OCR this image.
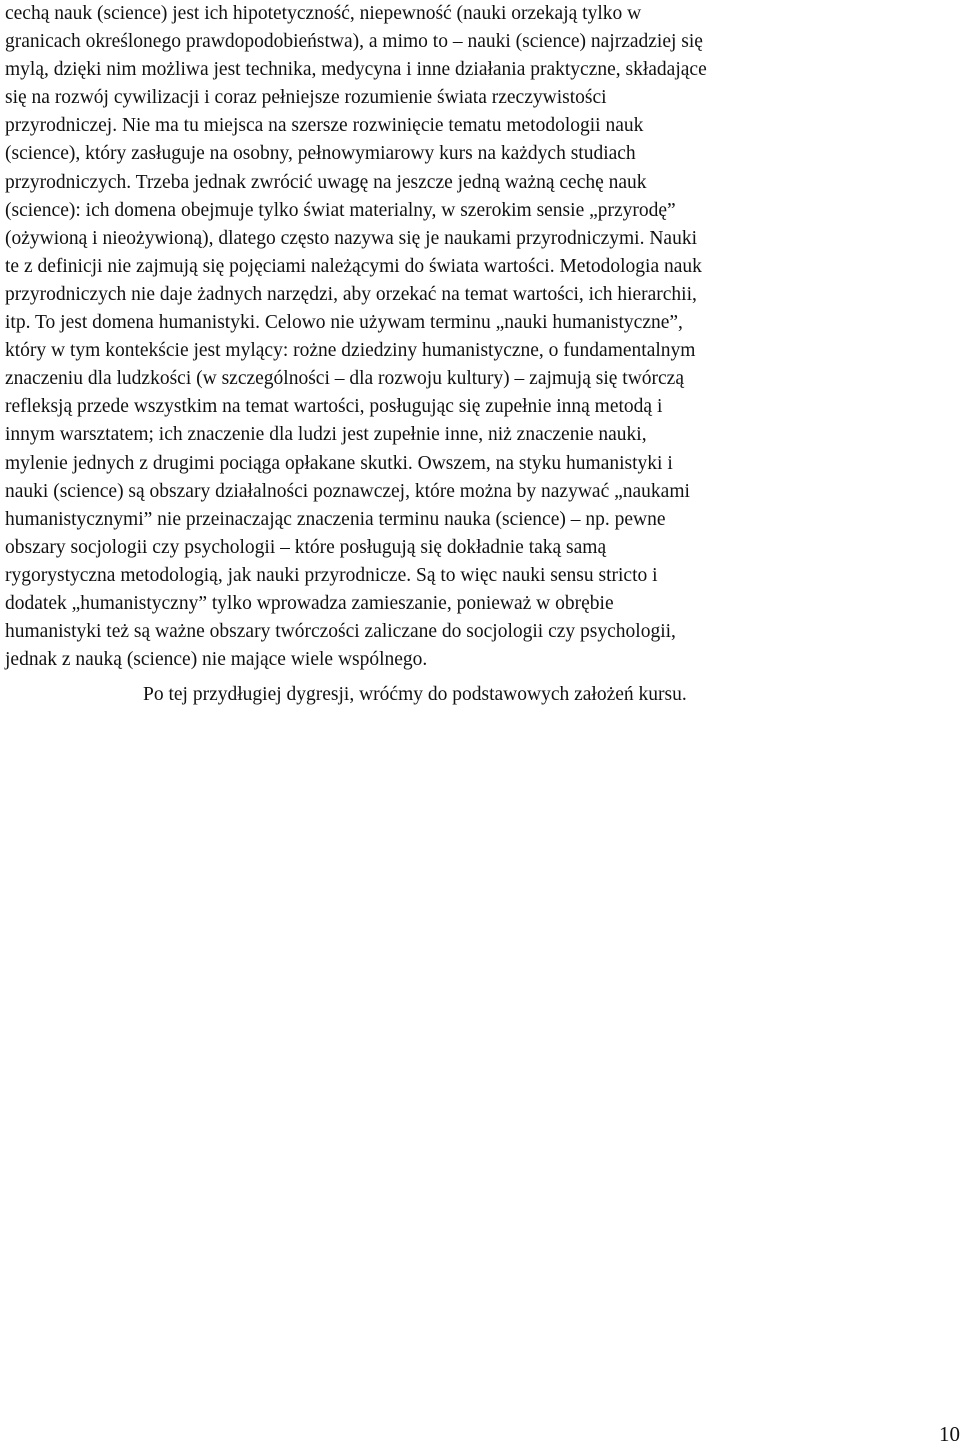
cechą nauk (science) jest ich hipotetyczność, niepewność (nauki orzekają tylko w
granicach określonego prawdopodobieństwa), a mimo to – nauki (science) najrzadziej się
mylą, dzięki nim możliwa jest technika, medycyna i inne działania praktyczne, składające
się na rozwój cywilizacji i coraz pełniejsze rozumienie świata rzeczywistości
przyrodniczej. Nie ma tu miejsca na szersze rozwinięcie tematu metodologii nauk
(science), który zasługuje na osobny, pełnowymiarowy kurs na każdych studiach
przyrodniczych. Trzeba jednak zwrócić uwagę na jeszcze jedną ważną cechę nauk
(science): ich domena obejmuje tylko świat materialny, w szerokim sensie „przyrodę”
(ożywioną i nieożywioną), dlatego często nazywa się je naukami przyrodniczymi. Nauki
te z definicji nie zajmują się pojęciami należącymi do świata wartości. Metodologia nauk
przyrodniczych nie daje żadnych narzędzi, aby orzekać na temat wartości, ich hierarchii,
itp. To jest domena humanistyki. Celowo nie używam terminu „nauki humanistyczne”,
który w tym kontekście jest mylący: rożne dziedziny humanistyczne, o fundamentalnym
znaczeniu dla ludzkości (w szczególności – dla rozwoju kultury) – zajmują się twórczą
refleksją przede wszystkim na temat wartości, posługując się zupełnie inną metodą i
innym warsztatem; ich znaczenie dla ludzi jest zupełnie inne, niż znaczenie nauki,
mylenie jednych z drugimi pociąga opłakane skutki. Owszem, na styku humanistyki i
nauki (science) są obszary działalności poznawczej, które można by nazywać „naukami
humanistycznymi” nie przeinaczając znaczenia terminu nauka (science) – np. pewne
obszary socjologii czy psychologii – które posługują się dokładnie taką samą
rygorystyczna metodologią, jak nauki przyrodnicze. Są to więc nauki sensu stricto i
dodatek „humanistyczny” tylko wprowadza zamieszanie, ponieważ w obrębie
humanistyki też są ważne obszary twórczości zaliczane do socjologii czy psychologii,
jednak z nauką (science) nie mające wiele wspólnego.

Po tej przydługiej dygresji, wróćmy do podstawowych założeń kursu.

10
